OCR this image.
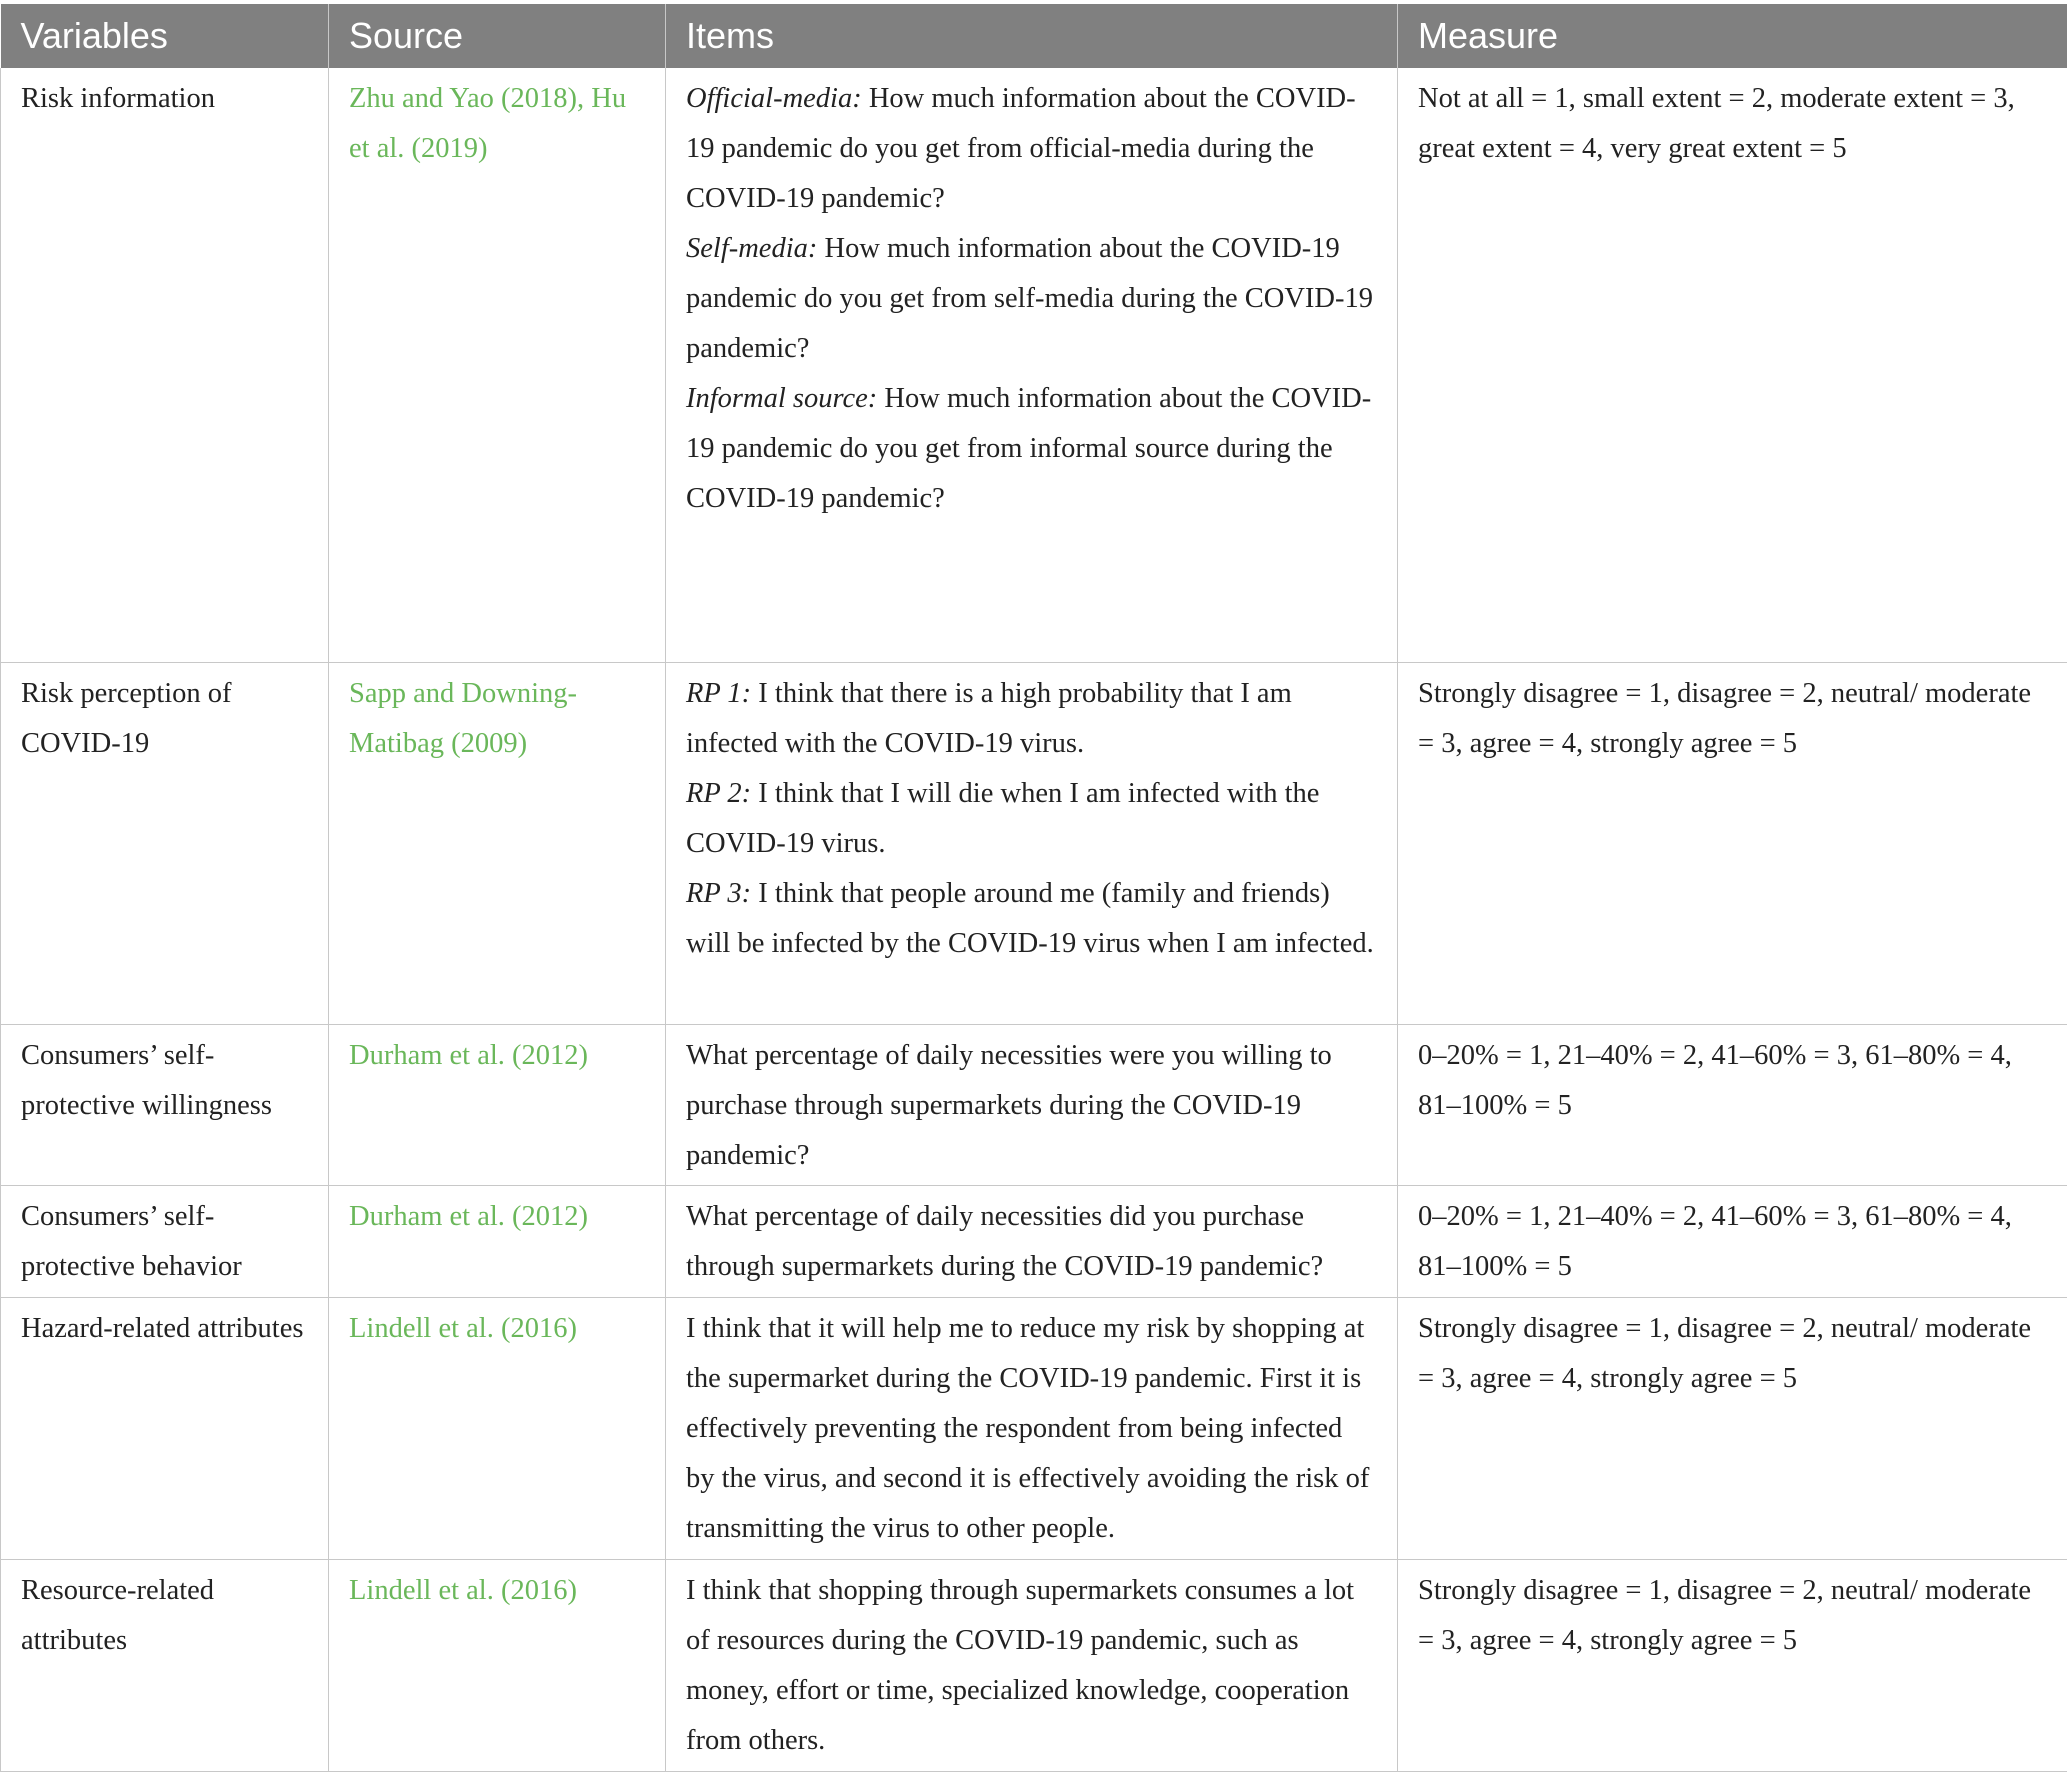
Variables	Source	Items	Measure
Risk information	Zhu and Yao (2018), Hu et al. (2019)	Official-media: How much information about the COVID-19 pandemic do you get from official-media during the COVID-19 pandemic?
Self-media: How much information about the COVID-19 pandemic do you get from self-media during the COVID-19 pandemic?
Informal source: How much information about the COVID-19 pandemic do you get from informal source during the COVID-19 pandemic?	Not at all = 1, small extent = 2, moderate extent = 3, great extent = 4, very great extent = 5
Risk perception of COVID-19	Sapp and Downing-Matibag (2009)	RP 1: I think that there is a high probability that I am infected with the COVID-19 virus.
RP 2: I think that I will die when I am infected with the COVID-19 virus.
RP 3: I think that people around me (family and friends) will be infected by the COVID-19 virus when I am infected.	Strongly disagree = 1, disagree = 2, neutral/ moderate = 3, agree = 4, strongly agree = 5
Consumers’ self-protective willingness	Durham et al. (2012)	What percentage of daily necessities were you willing to purchase through supermarkets during the COVID-19 pandemic?	0–20% = 1, 21–40% = 2, 41–60% = 3, 61–80% = 4, 81–100% = 5
Consumers’ self-protective behavior	Durham et al. (2012)	What percentage of daily necessities did you purchase through supermarkets during the COVID-19 pandemic?	0–20% = 1, 21–40% = 2, 41–60% = 3, 61–80% = 4, 81–100% = 5
Hazard-related attributes	Lindell et al. (2016)	I think that it will help me to reduce my risk by shopping at the supermarket during the COVID-19 pandemic. First it is effectively preventing the respondent from being infected by the virus, and second it is effectively avoiding the risk of transmitting the virus to other people.	Strongly disagree = 1, disagree = 2, neutral/ moderate = 3, agree = 4, strongly agree = 5
Resource-related attributes	Lindell et al. (2016)	I think that shopping through supermarkets consumes a lot of resources during the COVID-19 pandemic, such as money, effort or time, specialized knowledge, cooperation from others.	Strongly disagree = 1, disagree = 2, neutral/ moderate = 3, agree = 4, strongly agree = 5
